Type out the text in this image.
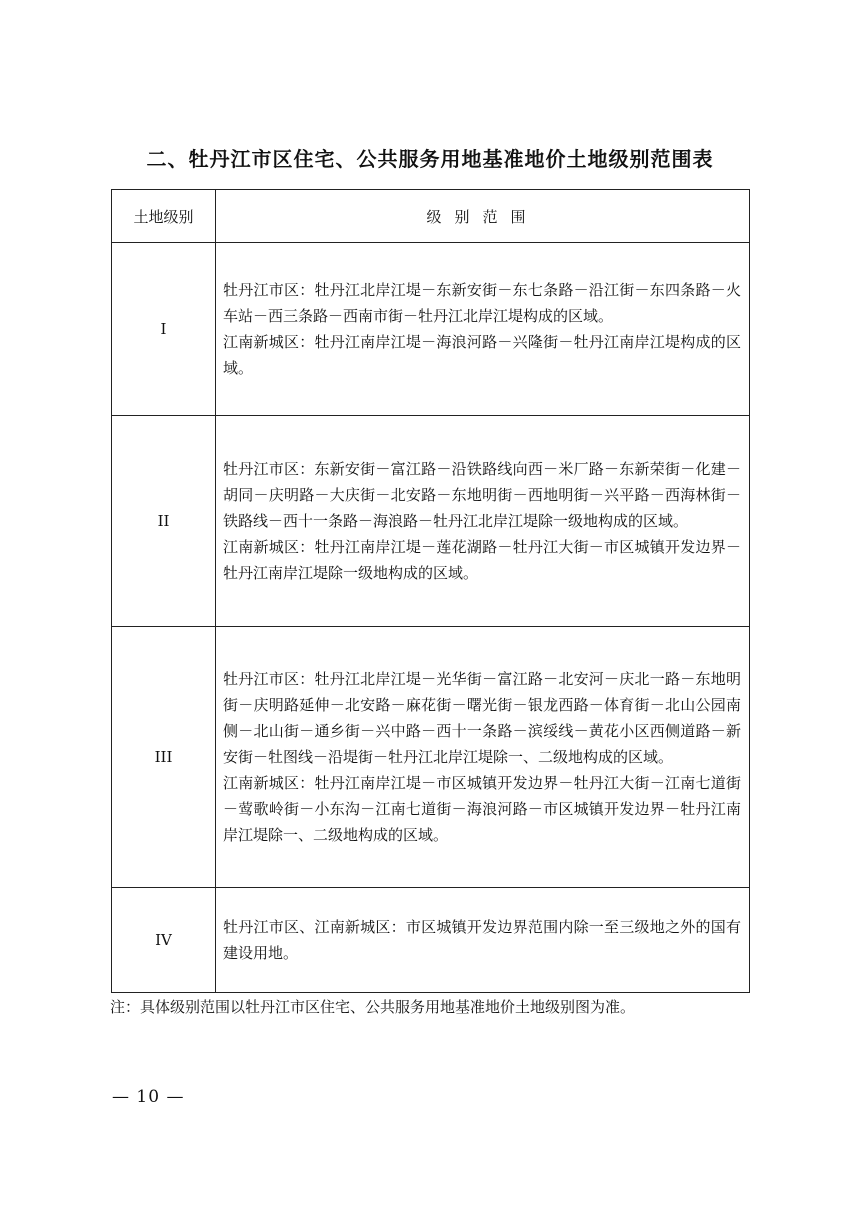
二、牡丹江市区住宅、公共服务用地基准地价土地级别范围表
土地级别	级别范围
I	牡丹江市区：牡丹江北岸江堤－东新安街－东七条路－沿江街－东四条路－火车站－西三条路－西南市街－牡丹江北岸江堤构成的区域。

江南新城区：牡丹江南岸江堤－海浪河路－兴隆街－牡丹江南岸江堤构成的区域。

II	牡丹江市区：东新安街－富江路－沿铁路线向西－米厂路－东新荣街－化建－胡同－庆明路－大庆街－北安路－东地明街－西地明街－兴平路－西海林街－铁路线－西十一条路－海浪路－牡丹江北岸江堤除一级地构成的区域。

江南新城区：牡丹江南岸江堤－莲花湖路－牡丹江大街－市区城镇开发边界－牡丹江南岸江堤除一级地构成的区域。

III	牡丹江市区：牡丹江北岸江堤－光华街－富江路－北安河－庆北一路－东地明街－庆明路延伸－北安路－麻花街－曙光街－银龙西路－体育街－北山公园南侧－北山街－通乡街－兴中路－西十一条路－滨绥线－黄花小区西侧道路－新安街－牡图线－沿堤街－牡丹江北岸江堤除一、二级地构成的区域。

江南新城区：牡丹江南岸江堤－市区城镇开发边界－牡丹江大街－江南七道街－莺歌岭街－小东沟－江南七道街－海浪河路－市区城镇开发边界－牡丹江南岸江堤除一、二级地构成的区域。

IV	牡丹江市区、江南新城区：市区城镇开发边界范围内除一至三级地之外的国有建设用地。

注：具体级别范围以牡丹江市区住宅、公共服务用地基准地价土地级别图为准。
— 10 —
